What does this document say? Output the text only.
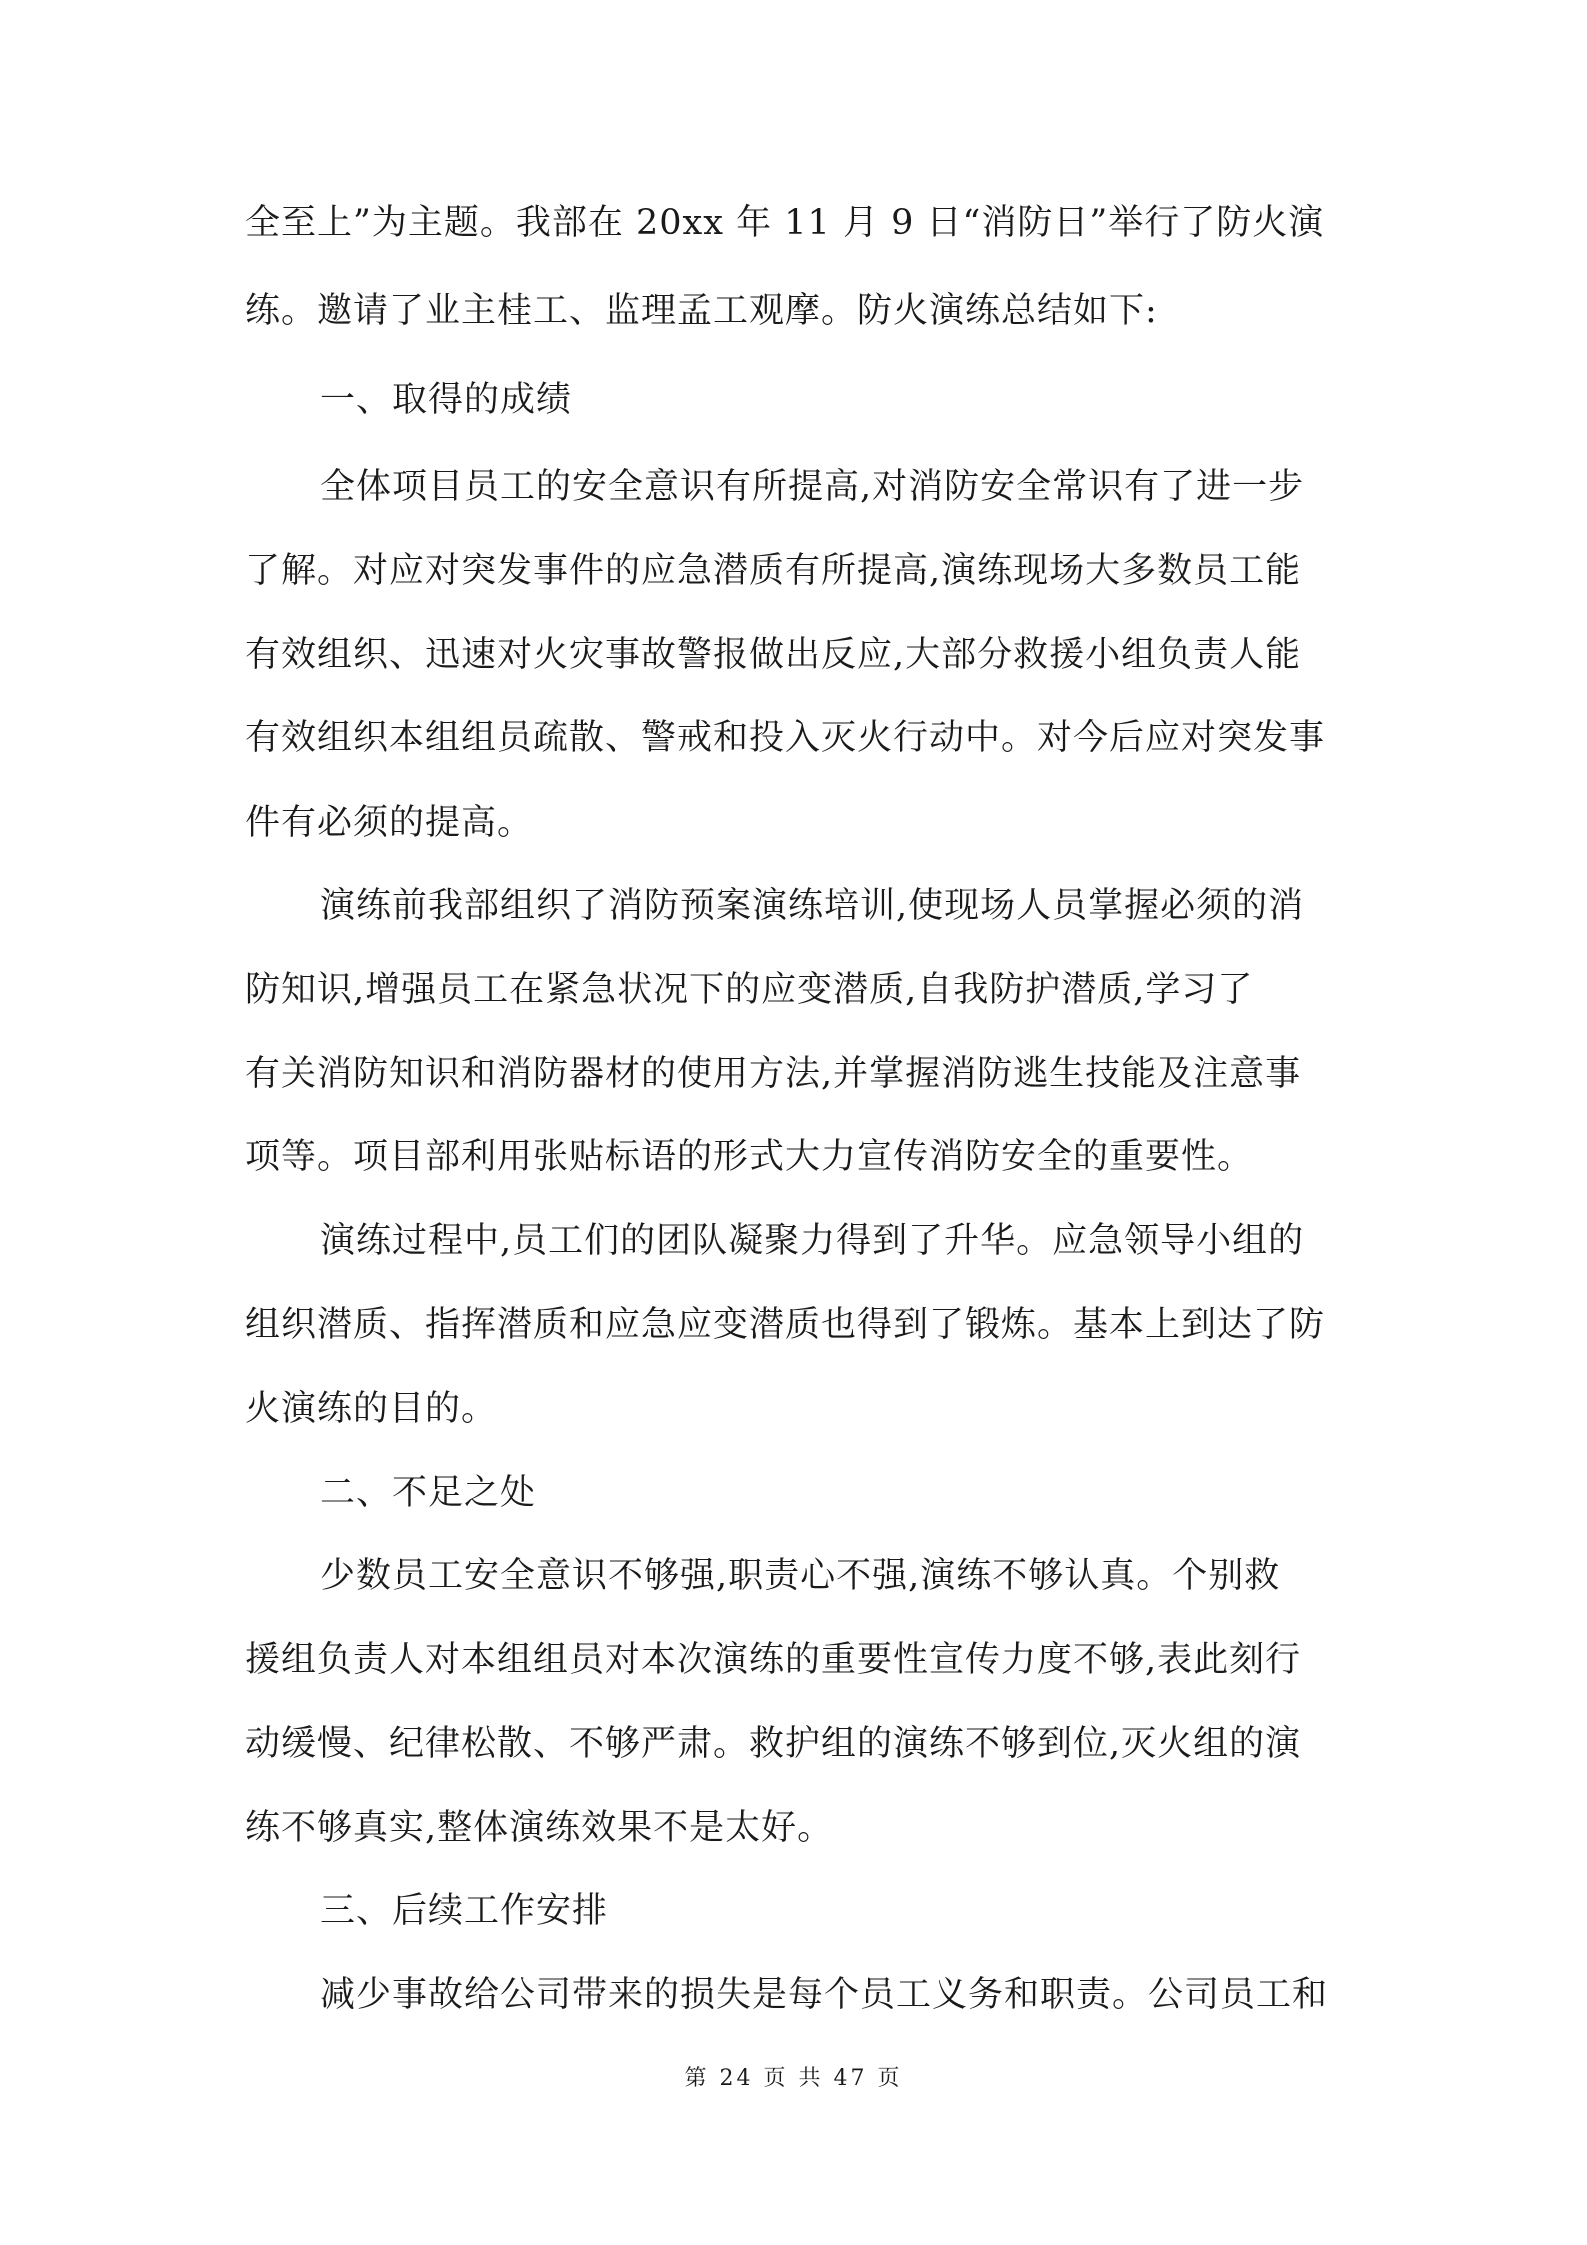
全至上”为主题。我部在 20xx 年 11 月 9 日“消防日”举行了防火演
练。邀请了业主桂工、监理孟工观摩。防火演练总结如下:
一、取得的成绩
全体项目员工的安全意识有所提高,对消防安全常识有了进一步
了解。对应对突发事件的应急潜质有所提高,演练现场大多数员工能
有效组织、迅速对火灾事故警报做出反应,大部分救援小组负责人能
有效组织本组组员疏散、警戒和投入灭火行动中。对今后应对突发事
件有必须的提高。
演练前我部组织了消防预案演练培训,使现场人员掌握必须的消
防知识,增强员工在紧急状况下的应变潜质,自我防护潜质,学习了
有关消防知识和消防器材的使用方法,并掌握消防逃生技能及注意事
项等。项目部利用张贴标语的形式大力宣传消防安全的重要性。
演练过程中,员工们的团队凝聚力得到了升华。应急领导小组的
组织潜质、指挥潜质和应急应变潜质也得到了锻炼。基本上到达了防
火演练的目的。
二、不足之处
少数员工安全意识不够强,职责心不强,演练不够认真。个别救
援组负责人对本组组员对本次演练的重要性宣传力度不够,表此刻行
动缓慢、纪律松散、不够严肃。救护组的演练不够到位,灭火组的演
练不够真实,整体演练效果不是太好。
三、后续工作安排
减少事故给公司带来的损失是每个员工义务和职责。公司员工和
第 24 页 共 47 页
